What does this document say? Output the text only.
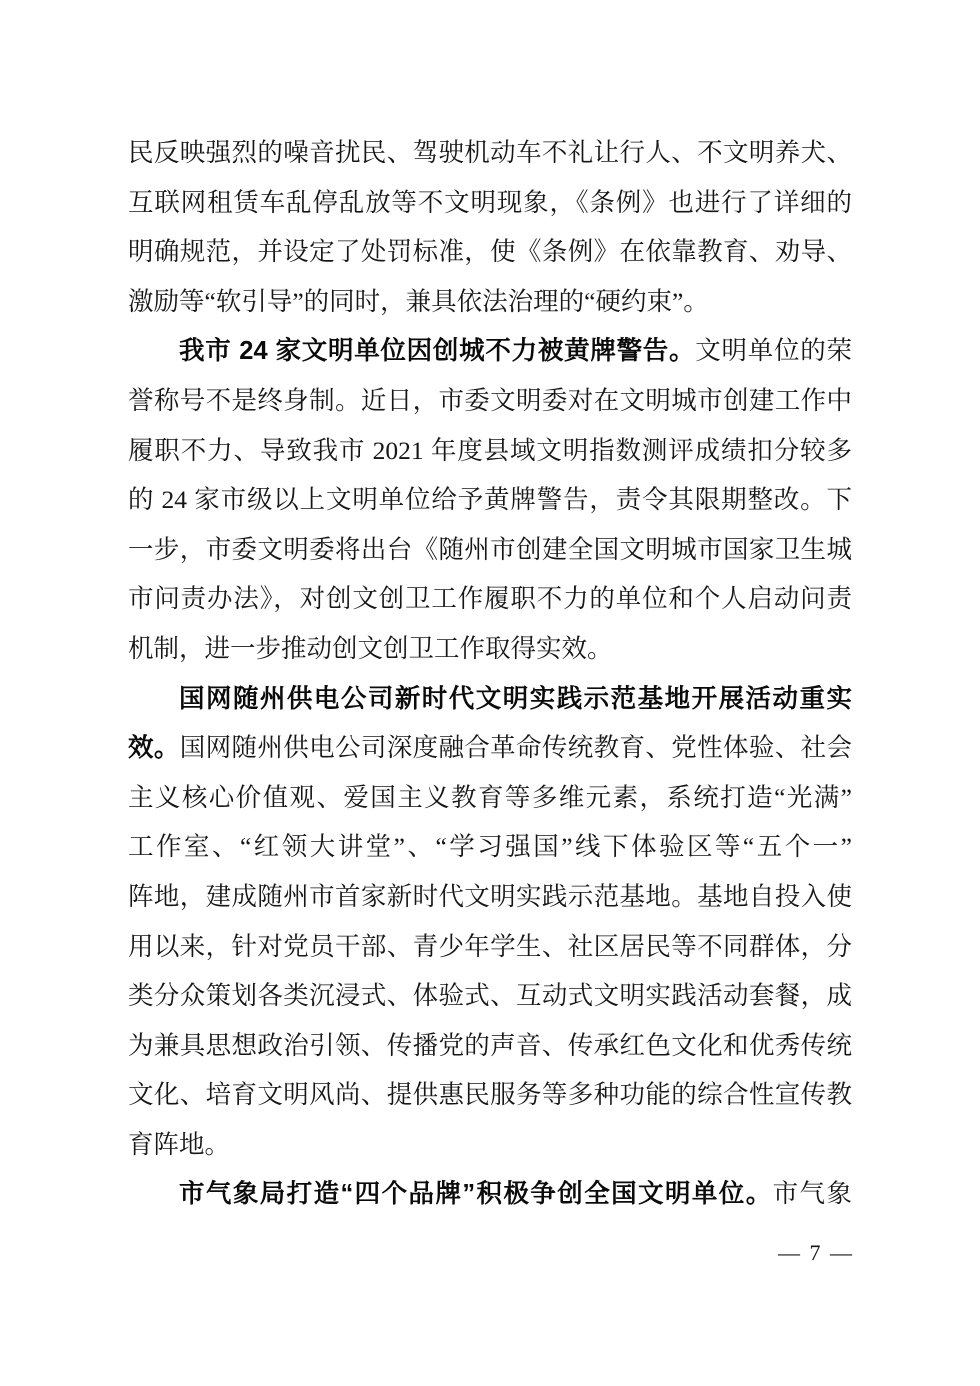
民反映强烈的噪音扰民、驾驶机动车不礼让行人、不文明养犬、
互联网租赁车乱停乱放等不文明现象，《条例》也进行了详细的
明确规范，并设定了处罚标准，使《条例》在依靠教育、劝导、
激励等“软引导”的同时，兼具依法治理的“硬约束”。
我市 24 家文明单位因创城不力被黄牌警告。文明单位的荣
誉称号不是终身制。近日，市委文明委对在文明城市创建工作中
履职不力、导致我市 2021 年度县域文明指数测评成绩扣分较多
的 24 家市级以上文明单位给予黄牌警告，责令其限期整改。下
一步，市委文明委将出台《随州市创建全国文明城市国家卫生城
市问责办法》，对创文创卫工作履职不力的单位和个人启动问责
机制，进一步推动创文创卫工作取得实效。
国网随州供电公司新时代文明实践示范基地开展活动重实
效。国网随州供电公司深度融合革命传统教育、党性体验、社会
主义核心价值观、爱国主义教育等多维元素，系统打造“光满”
工作室、“红领大讲堂”、“学习强国”线下体验区等“五个一”
阵地，建成随州市首家新时代文明实践示范基地。基地自投入使
用以来，针对党员干部、青少年学生、社区居民等不同群体，分
类分众策划各类沉浸式、体验式、互动式文明实践活动套餐，成
为兼具思想政治引领、传播党的声音、传承红色文化和优秀传统
文化、培育文明风尚、提供惠民服务等多种功能的综合性宣传教
育阵地。
市气象局打造“四个品牌”积极争创全国文明单位。市气象
— 7 —
